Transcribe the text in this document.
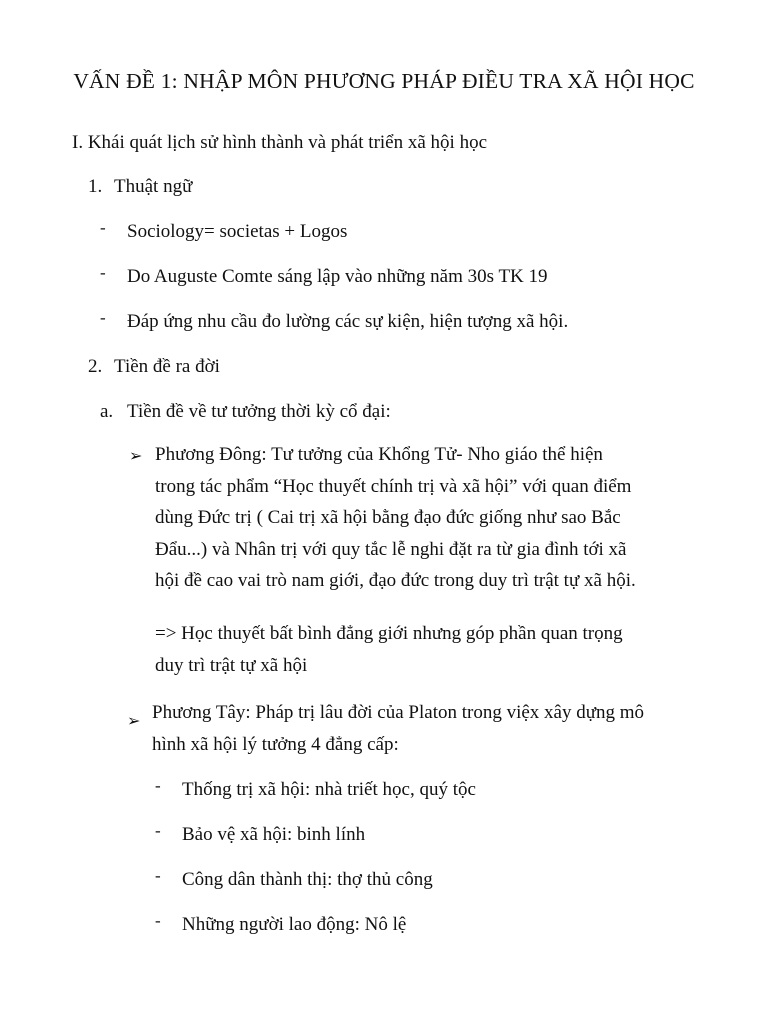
VẤN ĐỀ 1: NHẬP MÔN PHƯƠNG PHÁP ĐIỀU TRA XÃ HỘI HỌC
I. Khái quát lịch sử hình thành và phát triển xã hội học
1. Thuật ngữ
- Sociology= societas + Logos
- Do Auguste Comte sáng lập vào những năm 30s TK 19
- Đáp ứng nhu cầu đo lường các sự kiện, hiện tượng xã hội.
2. Tiền đề ra đời
a. Tiền đề về tư tưởng thời kỳ cổ đại:
➢ Phương Đông: Tư tưởng của Khổng Tử- Nho giáo thể hiện
trong tác phẩm “Học thuyết chính trị và xã hội” với quan điểm
dùng Đức trị ( Cai trị xã hội bằng đạo đức giống như sao Bắc
Đẩu...) và Nhân trị với quy tắc lễ nghi đặt ra từ gia đình tới xã
hội đề cao vai trò nam giới, đạo đức trong duy trì trật tự xã hội.
=> Học thuyết bất bình đẳng giới nhưng góp phần quan trọng
duy trì trật tự xã hội
➢ Phương Tây: Pháp trị lâu đời của Platon trong việx xây dựng mô
hình xã hội lý tưởng 4 đẳng cấp:
- Thống trị xã hội: nhà triết học, quý tộc
- Bảo vệ xã hội: binh lính
- Công dân thành thị: thợ thủ công
- Những người lao động: Nô lệ
